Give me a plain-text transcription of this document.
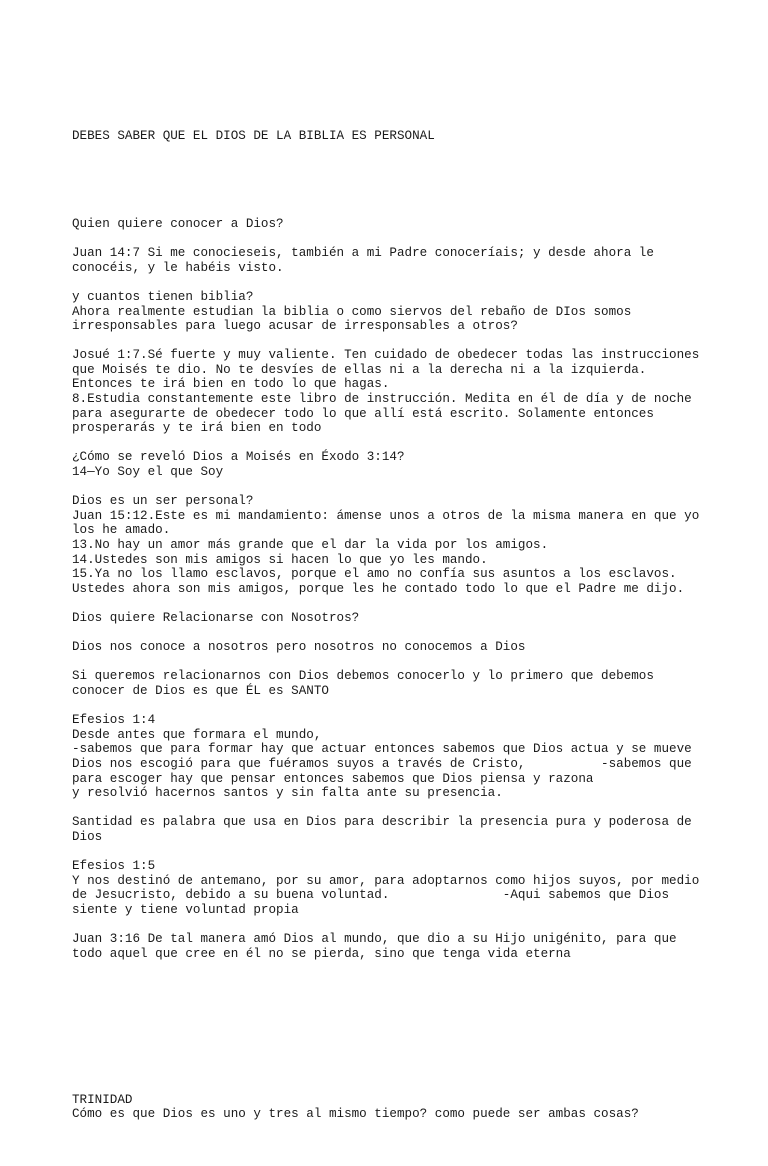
DEBES SABER QUE EL DIOS DE LA BIBLIA ES PERSONAL

Quien quiere conocer a Dios?
Juan 14:7 Si me conocieseis, también a mi Padre conoceríais; y desde ahora le
conocéis, y le habéis visto.
y cuantos tienen biblia?
Ahora realmente estudian la biblia o como siervos del rebaño de DIos somos
irresponsables para luego acusar de irresponsables a otros?
Josué 1:7.Sé fuerte y muy valiente. Ten cuidado de obedecer todas las instrucciones
que Moisés te dio. No te desvíes de ellas ni a la derecha ni a la izquierda.
Entonces te irá bien en todo lo que hagas.
8.Estudia constantemente este libro de instrucción. Medita en él de día y de noche
para asegurarte de obedecer todo lo que allí está escrito. Solamente entonces
prosperarás y te irá bien en todo
¿Cómo se reveló Dios a Moisés en Éxodo 3:14?
14—Yo Soy el que Soy
Dios es un ser personal?
Juan 15:12.Este es mi mandamiento: ámense unos a otros de la misma manera en que yo
los he amado.
13.No hay un amor más grande que el dar la vida por los amigos.
14.Ustedes son mis amigos si hacen lo que yo les mando.
15.Ya no los llamo esclavos, porque el amo no confía sus asuntos a los esclavos.
Ustedes ahora son mis amigos, porque les he contado todo lo que el Padre me dijo.
Dios quiere Relacionarse con Nosotros?
Dios nos conoce a nosotros pero nosotros no conocemos a Dios
Si queremos relacionarnos con Dios debemos conocerlo y lo primero que debemos
conocer de Dios es que ÉL es SANTO
Efesios 1:4
Desde antes que formara el mundo,
-sabemos que para formar hay que actuar entonces sabemos que Dios actua y se mueve
Dios nos escogió para que fuéramos suyos a través de Cristo,          -sabemos que
para escoger hay que pensar entonces sabemos que Dios piensa y razona
y resolvió hacernos santos y sin falta ante su presencia.
Santidad es palabra que usa en Dios para describir la presencia pura y poderosa de
Dios
Efesios 1:5
Y nos destinó de antemano, por su amor, para adoptarnos como hijos suyos, por medio
de Jesucristo, debido a su buena voluntad.               -Aqui sabemos que Dios
siente y tiene voluntad propia
Juan 3:16 De tal manera amó Dios al mundo, que dio a su Hijo unigénito, para que
todo aquel que cree en él no se pierda, sino que tenga vida eterna

TRINIDAD
Cómo es que Dios es uno y tres al mismo tiempo? como puede ser ambas cosas?
